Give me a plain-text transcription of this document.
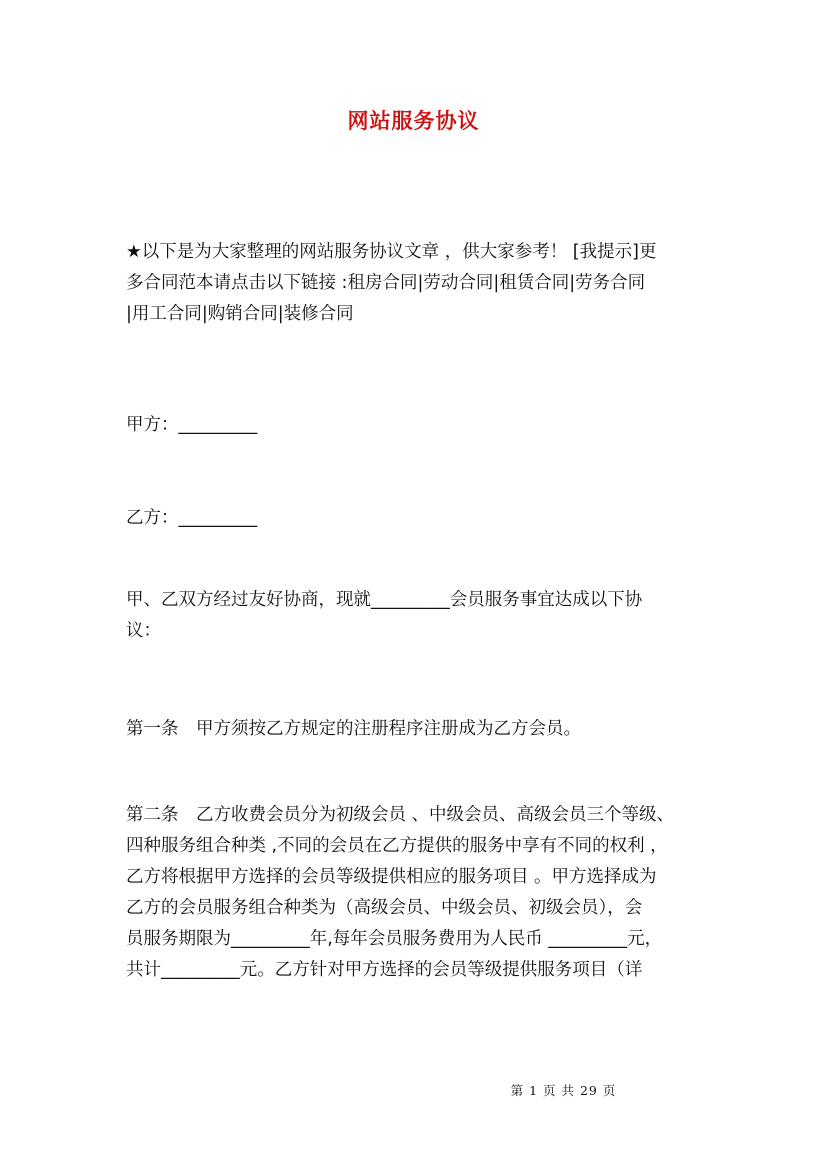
网站服务协议
★以下是为大家整理的网站服务协议文章 ，供大家参考！ [我提示]更
多合同范本请点击以下链接 :租房合同|劳动合同|租赁合同|劳务合同
|用工合同|购销合同|装修合同
甲方：_________
乙方：_________
甲、乙双方经过友好协商，现就_________会员服务事宜达成以下协
议：
第一条　甲方须按乙方规定的注册程序注册成为乙方会员。
第二条　乙方收费会员分为初级会员 、中级会员、高级会员三个等级、
四种服务组合种类 ,不同的会员在乙方提供的服务中享有不同的权利 ，
乙方将根据甲方选择的会员等级提供相应的服务项目 。甲方选择成为
乙方的会员服务组合种类为（高级会员、中级会员、初级会员），会
员服务期限为_________年,每年会员服务费用为人民币 _________元，
共计_________元。乙方针对甲方选择的会员等级提供服务项目（详
第 1 页 共 29 页
